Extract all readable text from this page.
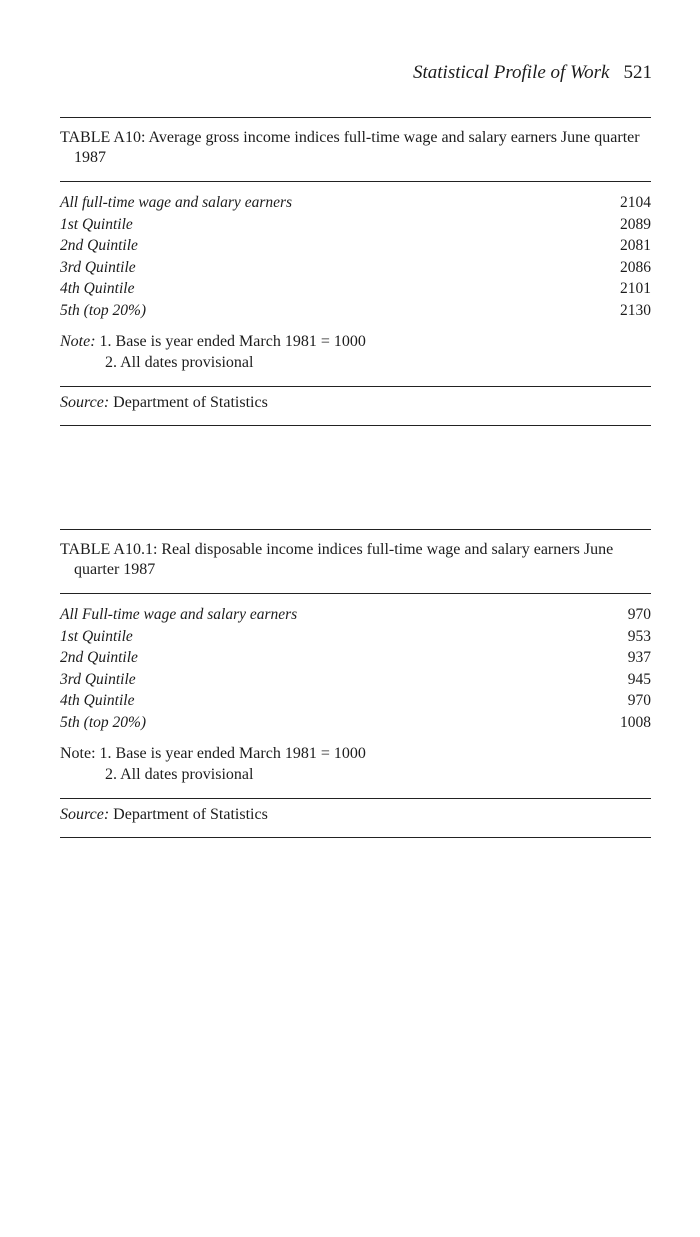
Statistical Profile of Work 521
TABLE A10: Average gross income indices full-time wage and salary earners June quarter 1987
All full-time wage and salary earners	2104
1st Quintile	2089
2nd Quintile	2081
3rd Quintile	2086
4th Quintile	2101
5th (top 20%)	2130
Note: 1. Base is year ended March 1981 = 1000
2. All dates provisional
Source: Department of Statistics
TABLE A10.1: Real disposable income indices full-time wage and salary earners June quarter 1987
All Full-time wage and salary earners	970
1st Quintile	953
2nd Quintile	937
3rd Quintile	945
4th Quintile	970
5th (top 20%)	1008
Note: 1. Base is year ended March 1981 = 1000
2. All dates provisional
Source: Department of Statistics
